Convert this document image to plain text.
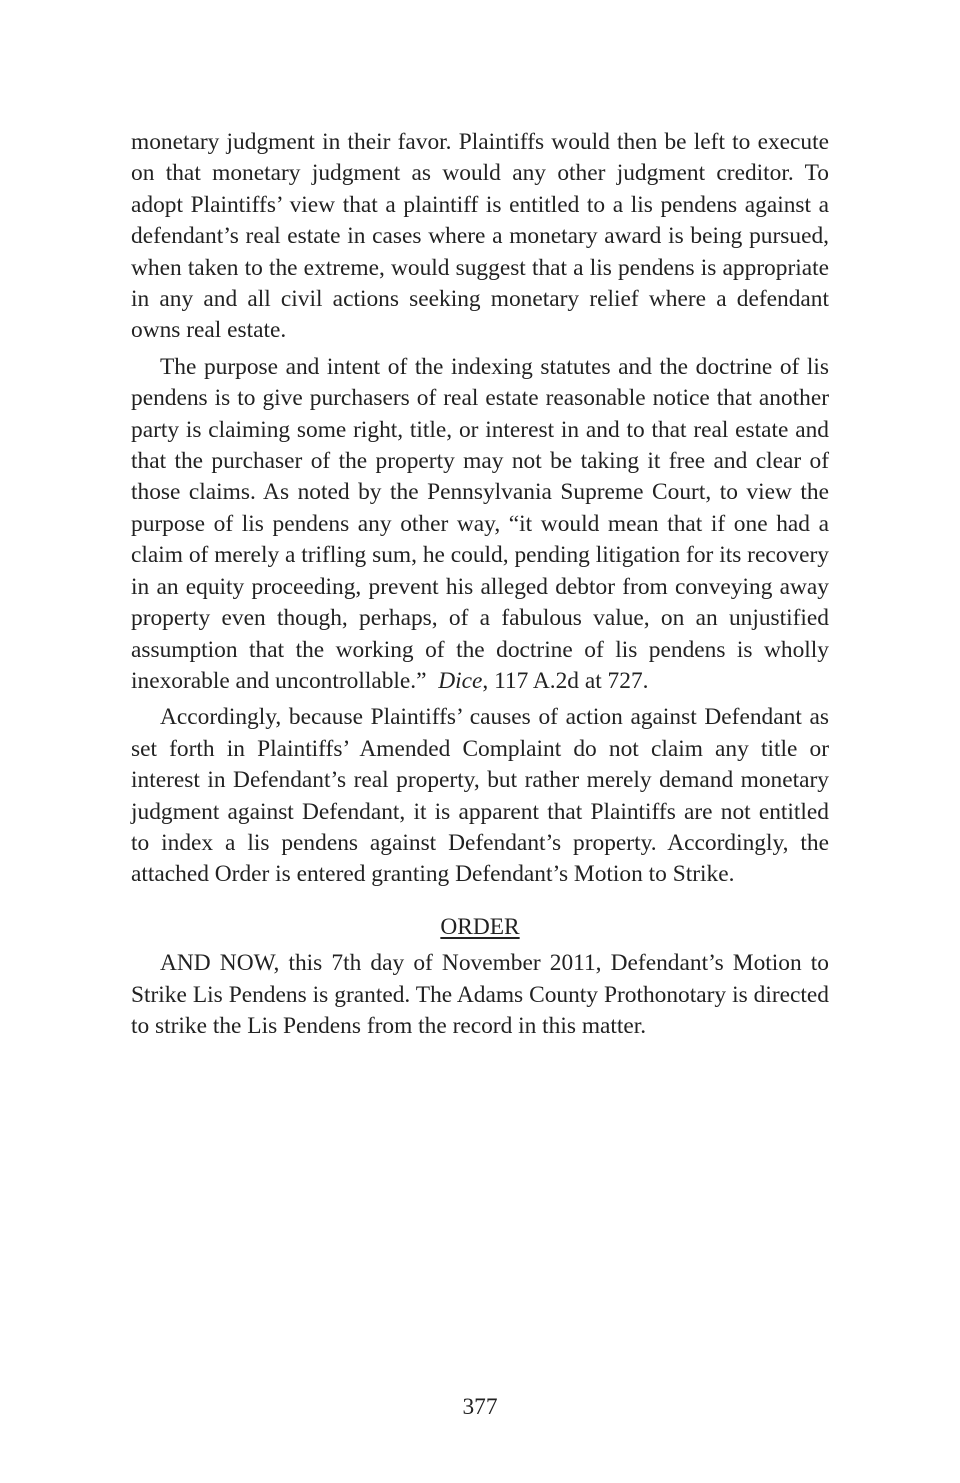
monetary judgment in their favor. Plaintiffs would then be left to execute on that monetary judgment as would any other judgment creditor. To adopt Plaintiffs’ view that a plaintiff is entitled to a lis pendens against a defendant’s real estate in cases where a monetary award is being pursued, when taken to the extreme, would suggest that a lis pendens is appropriate in any and all civil actions seeking monetary relief where a defendant owns real estate.

The purpose and intent of the indexing statutes and the doctrine of lis pendens is to give purchasers of real estate reasonable notice that another party is claiming some right, title, or interest in and to that real estate and that the purchaser of the property may not be taking it free and clear of those claims. As noted by the Pennsylvania Supreme Court, to view the purpose of lis pendens any other way, “it would mean that if one had a claim of merely a trifling sum, he could, pending litigation for its recovery in an equity proceeding, prevent his alleged debtor from conveying away property even though, perhaps, of a fabulous value, on an unjustified assumption that the working of the doctrine of lis pendens is wholly inexorable and uncontrollable.” Dice, 117 A.2d at 727.

Accordingly, because Plaintiffs’ causes of action against Defendant as set forth in Plaintiffs’ Amended Complaint do not claim any title or interest in Defendant’s real property, but rather merely demand monetary judgment against Defendant, it is apparent that Plaintiffs are not entitled to index a lis pendens against Defendant’s property. Accordingly, the attached Order is entered granting Defendant’s Motion to Strike.

ORDER

AND NOW, this 7th day of November 2011, Defendant’s Motion to Strike Lis Pendens is granted. The Adams County Prothonotary is directed to strike the Lis Pendens from the record in this matter.

377
